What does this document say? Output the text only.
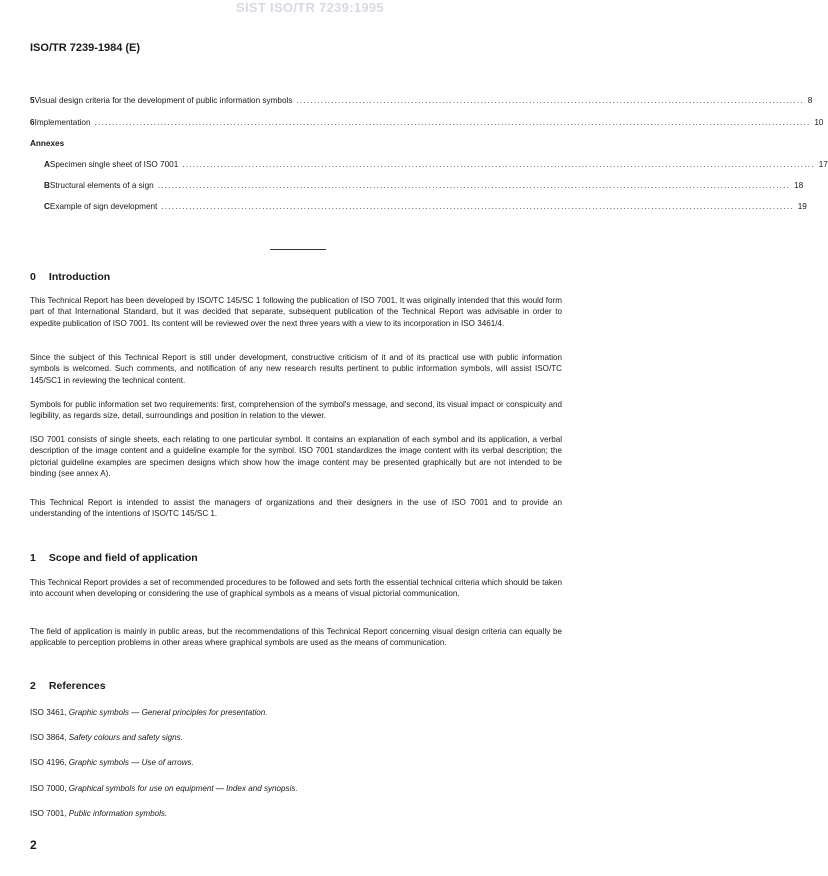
SIST ISO/TR 7239:1995
ISO/TR 7239-1984 (E)
5 Visual design criteria for the development of public information symbols .................................................................................................................................................. 8
6 Implementation .............................................................................................................................................................................................................. 10
Annexes
A Specimen single sheet of ISO 7001 ...................................................................................................................................................................................... 17
B Structural elements of a sign ...................................................................................................................................................................................... 18
C Example of sign development ...................................................................................................................................................................................... 19
0 Introduction

This Technical Report has been developed by ISO/TC 145/SC 1 following the publication of ISO 7001. It was originally intended that this would form part of that International Standard, but it was decided that separate, subsequent publication of the Technical Report was advisable in order to expedite publication of ISO 7001. Its content will be reviewed over the next three years with a view to its incorporation in ISO 3461/4.

Since the subject of this Technical Report is still under development, constructive criticism of it and of its practical use with public information symbols is welcomed. Such comments, and notification of any new research results pertinent to public information symbols, will assist ISO/TC 145/SC1 in reviewing the technical content.

Symbols for public information set two requirements: first, comprehension of the symbol's message, and second, its visual impact or conspicuity and legibility, as regards size, detail, surroundings and position in relation to the viewer.

ISO 7001 consists of single sheets, each relating to one particular symbol. It contains an explanation of each symbol and its application, a verbal description of the image content and a guideline example for the symbol. ISO 7001 standardizes the image content with its verbal description; the pictorial guideline examples are specimen designs which show how the image content may be presented graphically but are not intended to be binding (see annex A).

This Technical Report is intended to assist the managers of organizations and their designers in the use of ISO 7001 and to provide an understanding of the intentions of ISO/TC 145/SC 1.

1 Scope and field of application

This Technical Report provides a set of recommended procedures to be followed and sets forth the essential technical criteria which should be taken into account when developing or considering the use of graphical symbols as a means of visual pictorial communication.

The field of application is mainly in public areas, but the recommendations of this Technical Report concerning visual design criteria can equally be applicable to perception problems in other areas where graphical symbols are used as the means of communication.

2 References
ISO 3461, Graphic symbols — General principles for presentation.
ISO 3864, Safety colours and safety signs.
ISO 4196, Graphic symbols — Use of arrows.
ISO 7000, Graphical symbols for use on equipment — Index and synopsis.
ISO 7001, Public information symbols.
2
